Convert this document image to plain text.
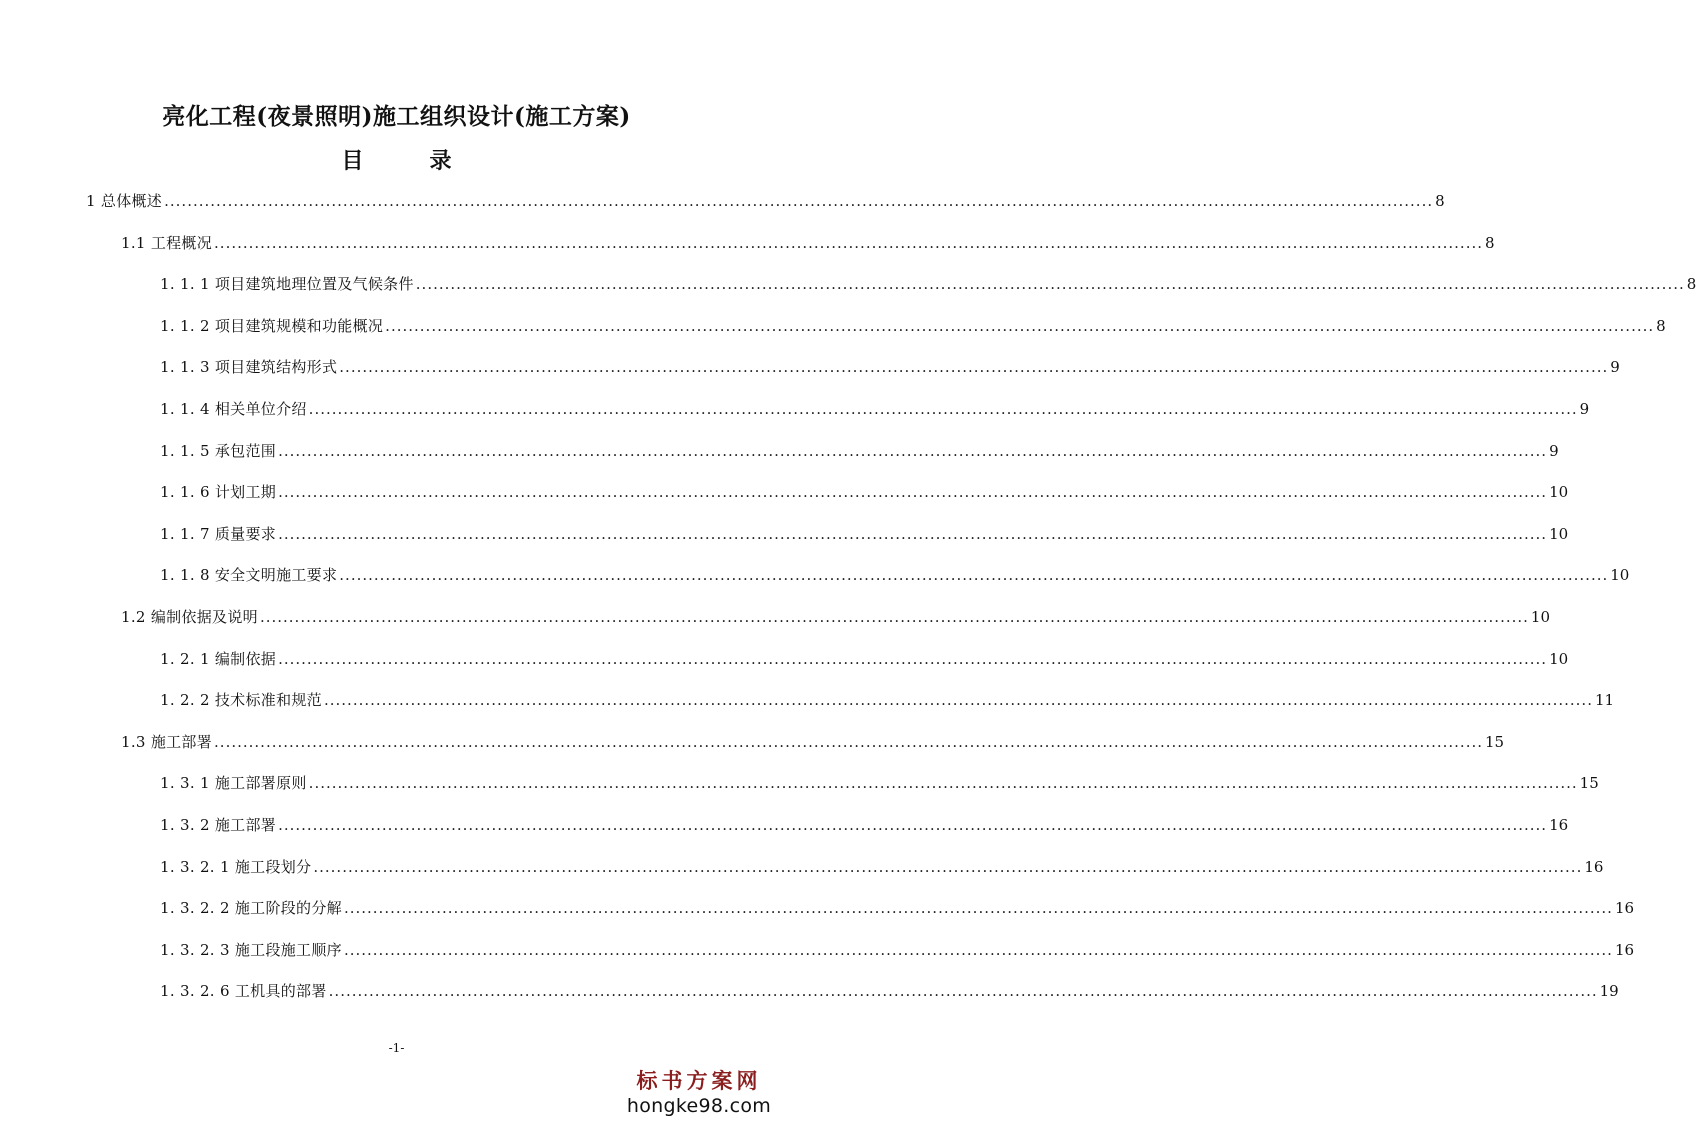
亮化工程(夜景照明)施工组织设计(施工方案)
目　录
1 总体概述 ............................................................................................................................................................................................................................ 8
1.1 工程概况 ............................................................................................................................................................................................................................ 8
1. 1. 1 项目建筑地理位置及气候条件 ............................................................................................................................................................................................................................ 8
1. 1. 2 项目建筑规模和功能概况 ............................................................................................................................................................................................................................ 8
1. 1. 3 项目建筑结构形式 ............................................................................................................................................................................................................................ 9
1. 1. 4 相关单位介绍 ............................................................................................................................................................................................................................ 9
1. 1. 5 承包范围 ............................................................................................................................................................................................................................ 9
1. 1. 6 计划工期 ............................................................................................................................................................................................................................ 10
1. 1. 7 质量要求 ............................................................................................................................................................................................................................ 10
1. 1. 8 安全文明施工要求 ............................................................................................................................................................................................................................ 10
1.2 编制依据及说明 ............................................................................................................................................................................................................................ 10
1. 2. 1 编制依据 ............................................................................................................................................................................................................................ 10
1. 2. 2 技术标准和规范 ............................................................................................................................................................................................................................ 11
1.3 施工部署 ............................................................................................................................................................................................................................ 15
1. 3. 1 施工部署原则 ............................................................................................................................................................................................................................ 15
1. 3. 2 施工部署 ............................................................................................................................................................................................................................ 16
1. 3. 2. 1 施工段划分 ............................................................................................................................................................................................................................ 16
1. 3. 2. 2 施工阶段的分解 ............................................................................................................................................................................................................................ 16
1. 3. 2. 3 施工段施工顺序 ............................................................................................................................................................................................................................ 16
1. 3. 2. 6 工机具的部署 ............................................................................................................................................................................................................................ 19
-1-
标书方案网
hongke98.com
